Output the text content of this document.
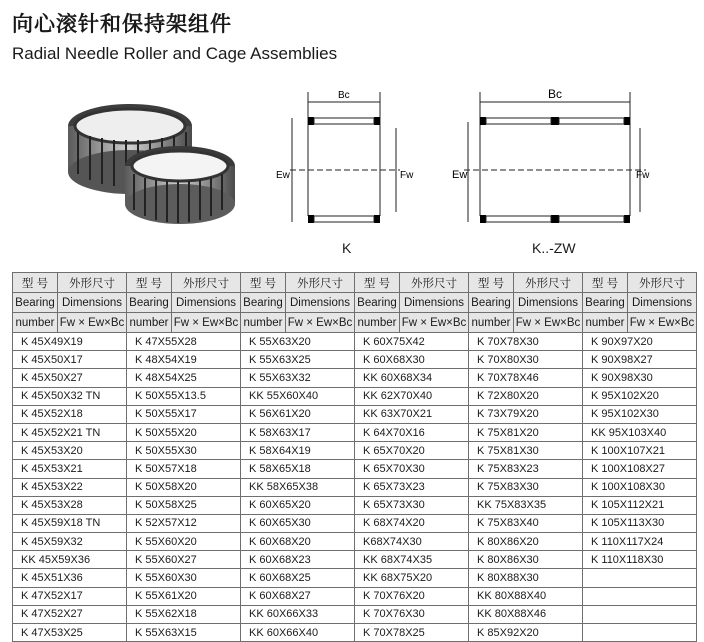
向心滚针和保持架组件
Radial Needle Roller and Cage Assemblies
Bc
Ew	Fw
K
Bc
Ew	Fw
K..-ZW
型 号	外形尺寸	型 号	外形尺寸	型 号	外形尺寸	型 号	外形尺寸	型 号	外形尺寸	型 号	外形尺寸
Bearing	Dimensions	Bearing	Dimensions	Bearing	Dimensions	Bearing	Dimensions	Bearing	Dimensions	Bearing	Dimensions
number	Fw × Ew×Bc	number	Fw × Ew×Bc	number	Fw × Ew×Bc	number	Fw × Ew×Bc	number	Fw × Ew×Bc	number	Fw × Ew×Bc
K 45X49X19		K 47X55X28		K 55X63X20		K 60X75X42		K 70X78X30		K 90X97X20	
K 45X50X17		K 48X54X19		K 55X63X25		K 60X68X30		K 70X80X30		K 90X98X27	
K 45X50X27		K 48X54X25		K 55X63X32		KK 60X68X34		K 70X78X46		K 90X98X30	
K 45X50X32 TN		K 50X55X13.5		KK 55X60X40		KK 62X70X40		K 72X80X20		K 95X102X20	
K 45X52X18		K 50X55X17		K 56X61X20		KK 63X70X21		K 73X79X20		K 95X102X30	
K 45X52X21 TN		K 50X55X20		K 58X63X17		K 64X70X16		K 75X81X20		KK 95X103X40	
K 45X53X20		K 50X55X30		K 58X64X19		K 65X70X20		K 75X81X30		K 100X107X21	
K 45X53X21		K 50X57X18		K 58X65X18		K 65X70X30		K 75X83X23		K 100X108X27	
K 45X53X22		K 50X58X20		KK 58X65X38		K 65X73X23		K 75X83X30		K 100X108X30	
K 45X53X28		K 50X58X25		K 60X65X20		K 65X73X30		KK 75X83X35		K 105X112X21	
K 45X59X18 TN		K 52X57X12		K 60X65X30		K 68X74X20		K 75X83X40		K 105X113X30	
K 45X59X32		K 55X60X20		K 60X68X20		K68X74X30		K 80X86X20		K 110X117X24	
KK 45X59X36		K 55X60X27		K 60X68X23		KK 68X74X35		K 80X86X30		K 110X118X30	
K 45X51X36		K 55X60X30		K 60X68X25		KK 68X75X20		K 80X88X30			
K 47X52X17		K 55X61X20		K 60X68X27		K 70X76X20		KK 80X88X40			
K 47X52X27		K 55X62X18		KK 60X66X33		K 70X76X30		KK 80X88X46			
K 47X53X25		K 55X63X15		KK 60X66X40		K 70X78X25		K 85X92X20			
